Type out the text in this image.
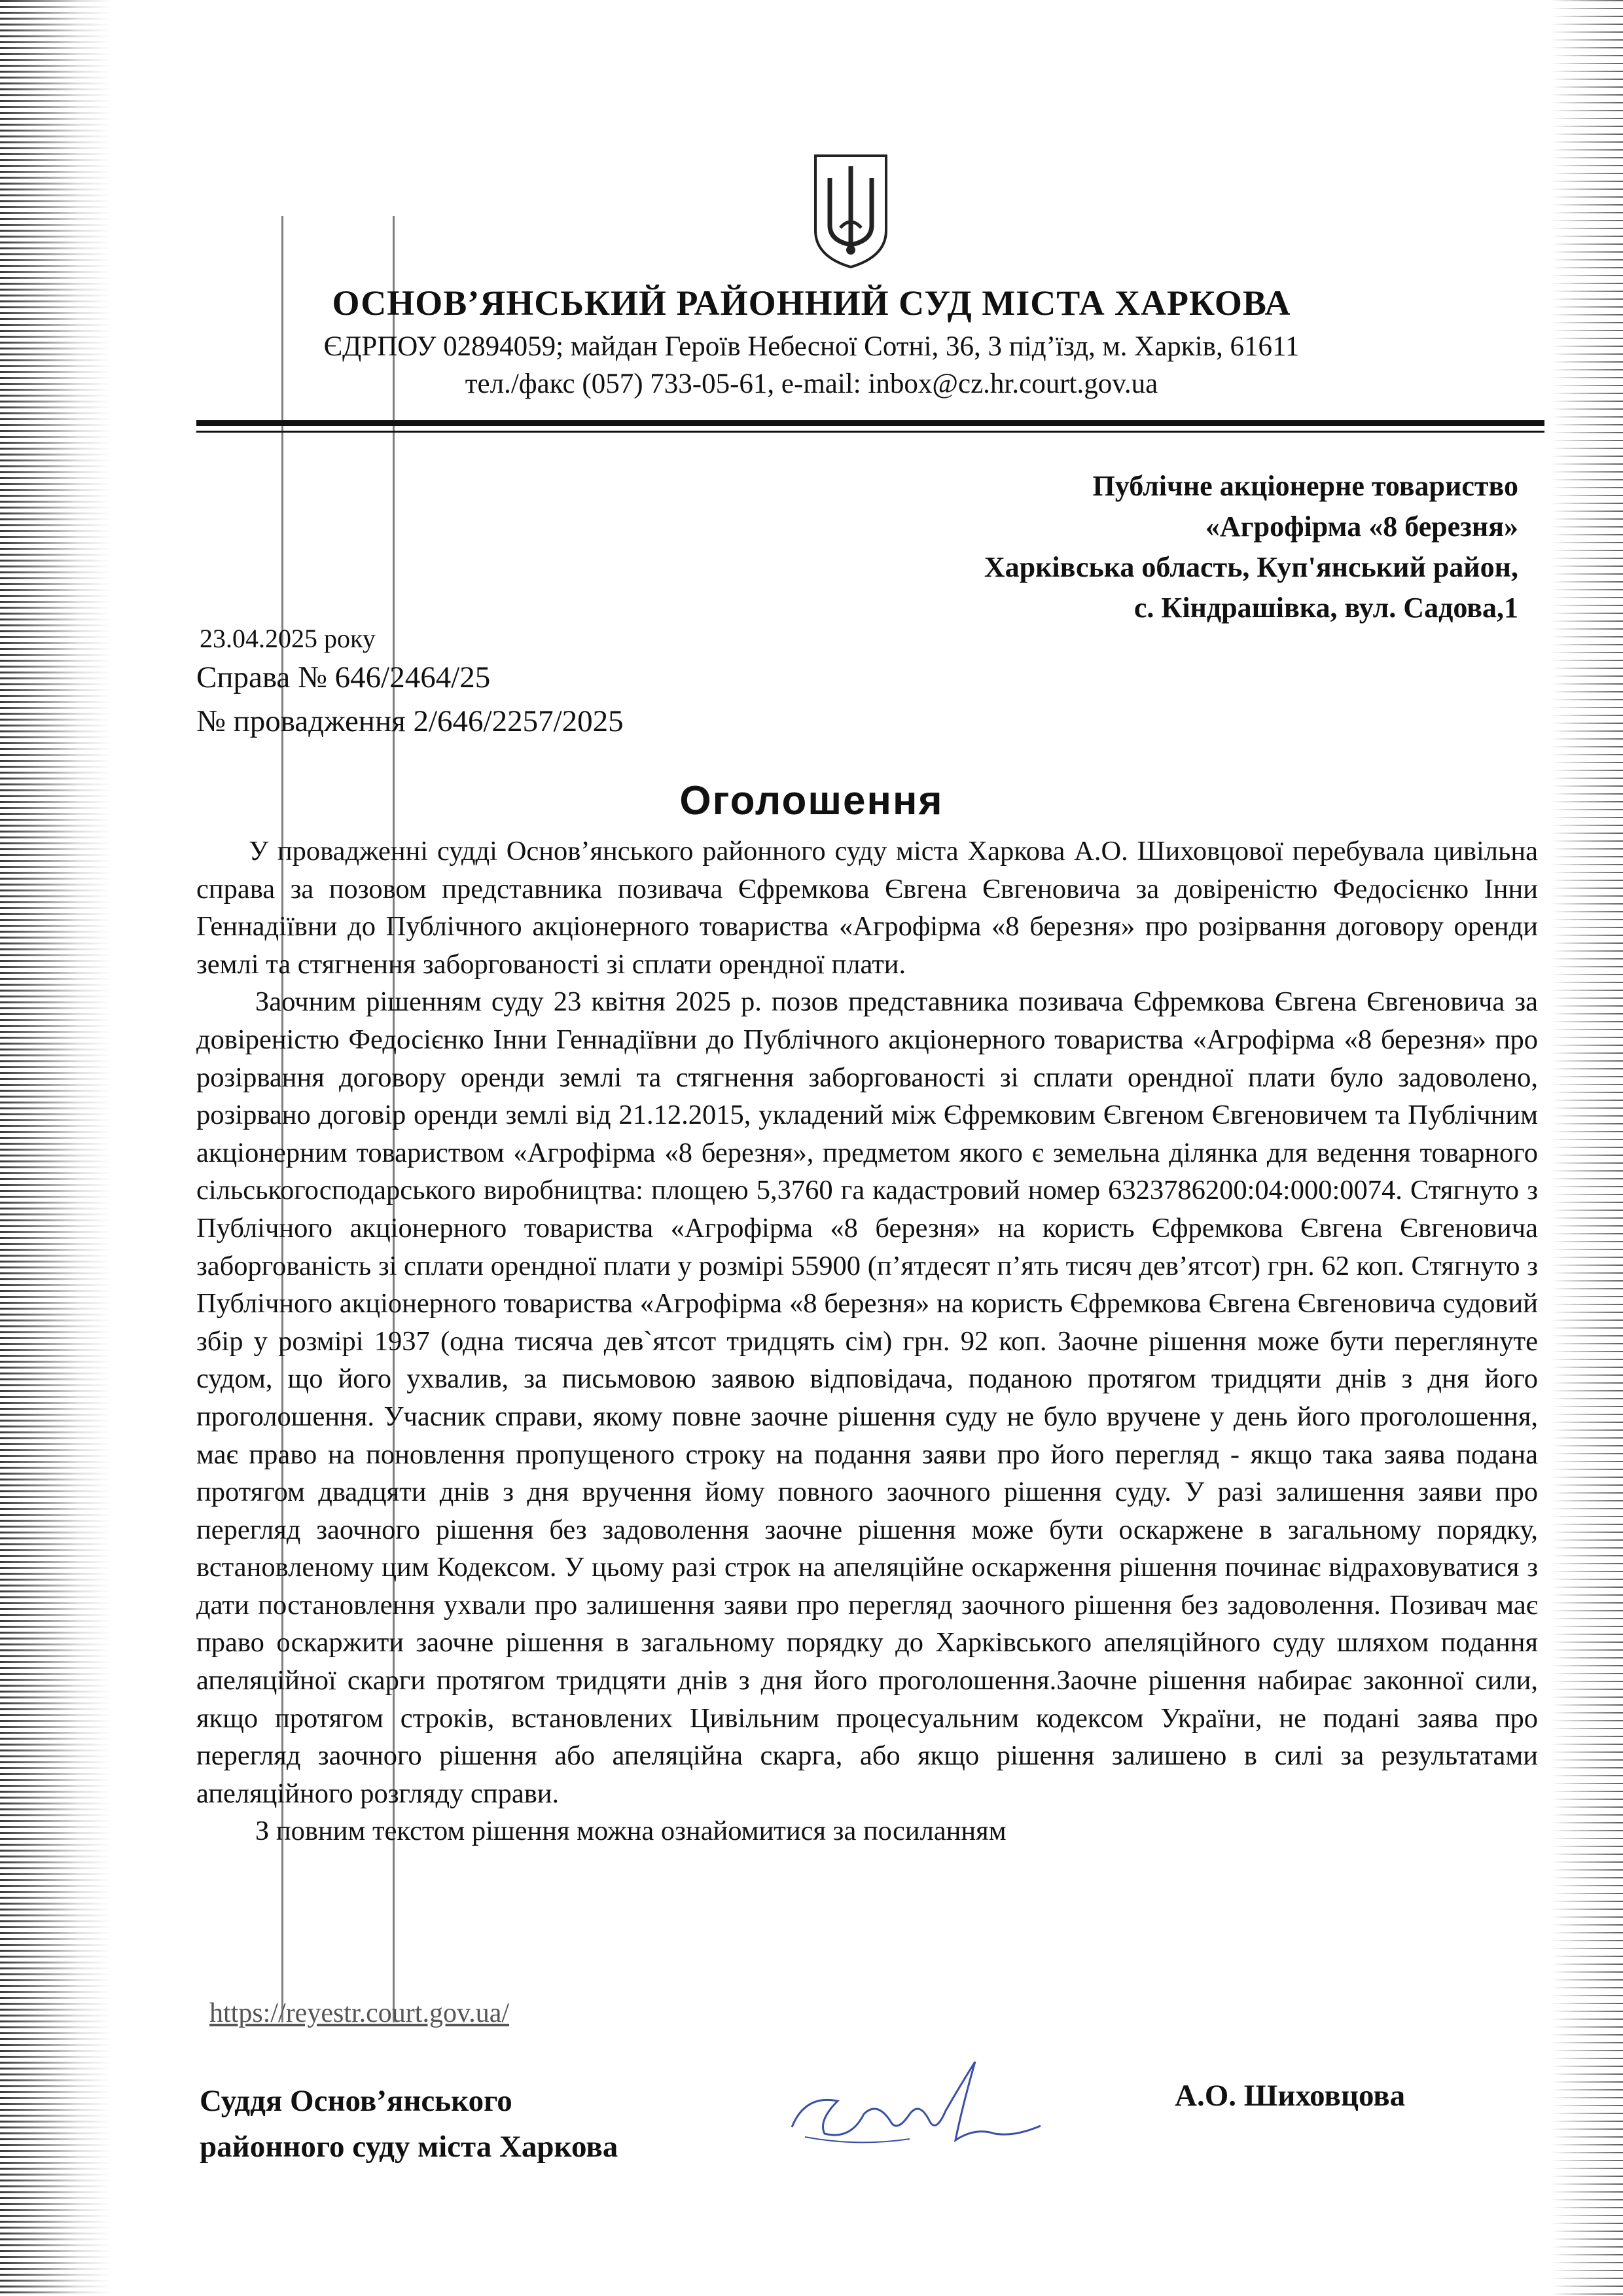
ОСНОВ’ЯНСЬКИЙ РАЙОННИЙ СУД МІСТА ХАРКОВА
ЄДРПОУ 02894059; майдан Героїв Небесної Сотні, 36, 3 під’їзд, м. Харків, 61611
тел./факс (057) 733-05-61, e-mail: inbox@cz.hr.court.gov.ua
Публічне акціонерне товариство
«Агрофірма «8 березня»
Харківська область, Куп'янський район,
с. Кіндрашівка, вул. Садова,1
23.04.2025 року
Справа № 646/2464/25
№ провадження 2/646/2257/2025
Оголошення

У провадженні судді Основ’янського районного суду міста Харкова А.О. Шиховцової перебувала цивільна справа за позовом представника позивача Єфремкова Євгена Євгеновича за довіреністю Федосієнко Інни Геннадіївни до Публічного акціонерного товариства «Агрофірма «8 березня» про розірвання договору оренди землі та стягнення заборгованості зі сплати орендної плати.

Заочним рішенням суду 23 квітня 2025 р. позов представника позивача Єфремкова Євгена Євгеновича за довіреністю Федосієнко Інни Геннадіївни до Публічного акціонерного товариства «Агрофірма «8 березня» про розірвання договору оренди землі та стягнення заборгованості зі сплати орендної плати було задоволено, розірвано договір оренди землі від 21.12.2015, укладений між Єфремковим Євгеном Євгеновичем та Публічним акціонерним товариством «Агрофірма «8 березня», предметом якого є земельна ділянка для ведення товарного сільськогосподарського виробництва: площею 5,3760 га кадастровий номер 6323786200:04:000:0074. Стягнуто з Публічного акціонерного товариства «Агрофірма «8 березня» на користь Єфремкова Євгена Євгеновича заборгованість зі сплати орендної плати у розмірі 55900 (п’ятдесят п’ять тисяч дев’ятсот) грн. 62 коп. Стягнуто з Публічного акціонерного товариства «Агрофірма «8 березня» на користь Єфремкова Євгена Євгеновича судовий збір у розмірі 1937 (одна тисяча дев`ятсот тридцять сім) грн. 92 коп. Заочне рішення може бути переглянуте судом, що його ухвалив, за письмовою заявою відповідача, поданою протягом тридцяти днів з дня його проголошення. Учасник справи, якому повне заочне рішення суду не було вручене у день його проголошення, має право на поновлення пропущеного строку на подання заяви про його перегляд - якщо така заява подана протягом двадцяти днів з дня вручення йому повного заочного рішення суду. У разі залишення заяви про перегляд заочного рішення без задоволення заочне рішення може бути оскаржене в загальному порядку, встановленому цим Кодексом. У цьому разі строк на апеляційне оскарження рішення починає відраховуватися з дати постановлення ухвали про залишення заяви про перегляд заочного рішення без задоволення. Позивач має право оскаржити заочне рішення в загальному порядку до Харківського апеляційного суду шляхом подання апеляційної скарги протягом тридцяти днів з дня його проголошення.Заочне рішення набирає законної сили, якщо протягом строків, встановлених Цивільним процесуальним кодексом України, не подані заява про перегляд заочного рішення або апеляційна скарга, або якщо рішення залишено в силі за результатами апеляційного розгляду справи.

З повним текстом рішення можна ознайомитися за посиланням

https://reyestr.court.gov.ua/
Суддя Основ’янського
районного суду міста Харкова
А.О. Шиховцова
